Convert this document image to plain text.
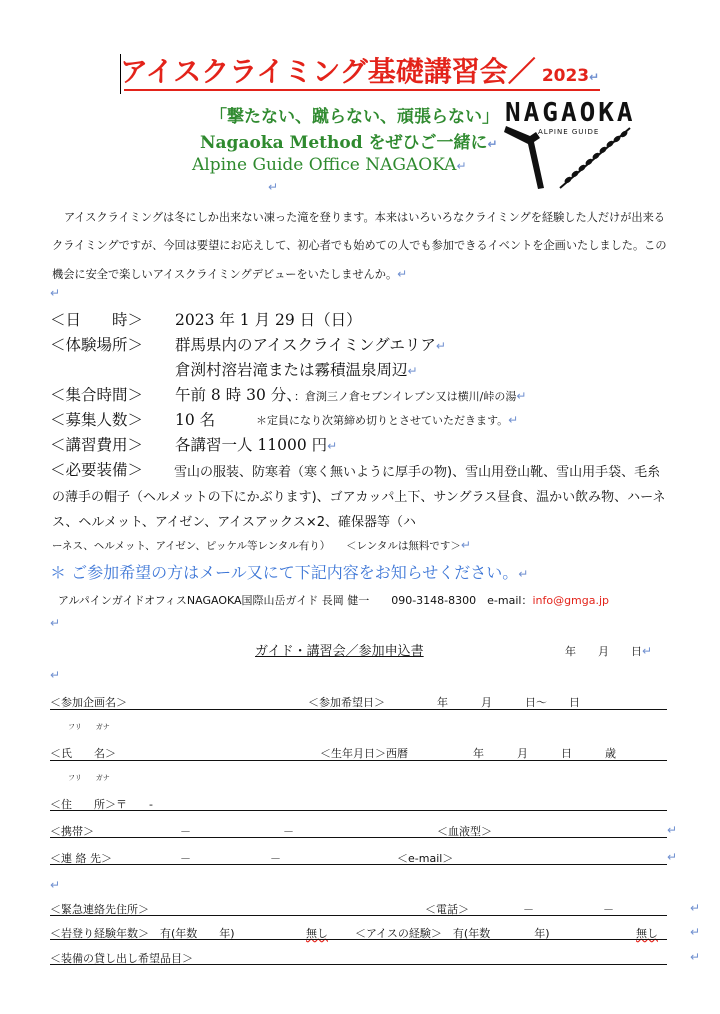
アイスクライミング基礎講習会／ 2023↵
「撃たない、蹴らない、頑張らない」
Nagaoka Method をぜひご一緒に↵
Alpine Guide Office NAGAOKA↵
↵
NAGAOKA
ALPINE GUIDE
アイスクライミングは冬にしか出来ない凍った滝を登ります。本来はいろいろなクライミングを経験した人だけが出来るクライミングですが、今回は要望にお応えして、初心者でも始めての人でも参加できるイベントを企画いたしました。この機会に安全で楽しいアイスクライミングデビューをいたしませんか。↵
↵
＜日　　時＞ 2023 年 1 月 29 日（日）
＜体験場所＞ 群馬県内のアイスクライミングエリア↵
倉渕村溶岩滝または霧積温泉周辺↵
＜集合時間＞ 午前 8 時 30 分、：倉渕三ノ倉セブンイレブン又は横川/峠の湯↵
＜募集人数＞ 10 名	＊定員になり次第締め切りとさせていただきます。↵
＜講習費用＞ 各講習一人 11000 円↵
＜必要装備＞	雪山の服装、防寒着（寒く無いように厚手の物)、雪山用登山靴、雪山用手袋、毛糸の薄手の帽子（ヘルメットの下にかぶります)、ゴアカッパ上下、サングラス昼食、温かい飲み物、ハーネス、ヘルメット、アイゼン、アイスアックス×2、確保器等（ハ
ーネス、ヘルメット、アイゼン、ピッケル等レンタル有り）　　＜レンタルは無料です＞↵
＊ ご参加希望の方はメール又にて下記内容をお知らせください。↵
アルパインガイドオフィスNAGAOKA国際山岳ガイド 長岡 健一　　090-3148-8300　e-mail：info@gmga.jp
↵
ガイド・講習会／参加申込書	年　　月　　日↵
↵
＜参加企画名＞	＜参加希望日＞	年　　　月　　　日〜　　日
フリ　　ガナ
＜氏　　名＞	＜生年月日＞西暦	年　　　月　　　日　　　歳
フリ　　ガナ
＜住　　所＞〒　　-
＜携帯＞	－	－	＜血液型＞	↵
＜連 絡 先＞	－	－	＜e-mail＞	↵
↵
＜緊急連絡先住所＞	＜電話＞	－	－	↵
＜岩登り経験年数＞　有(年数　　年)	無し ＜アイスの経験＞　有(年数　　　　年)	無し	↵
＜装備の貸し出し希望品目＞	↵
